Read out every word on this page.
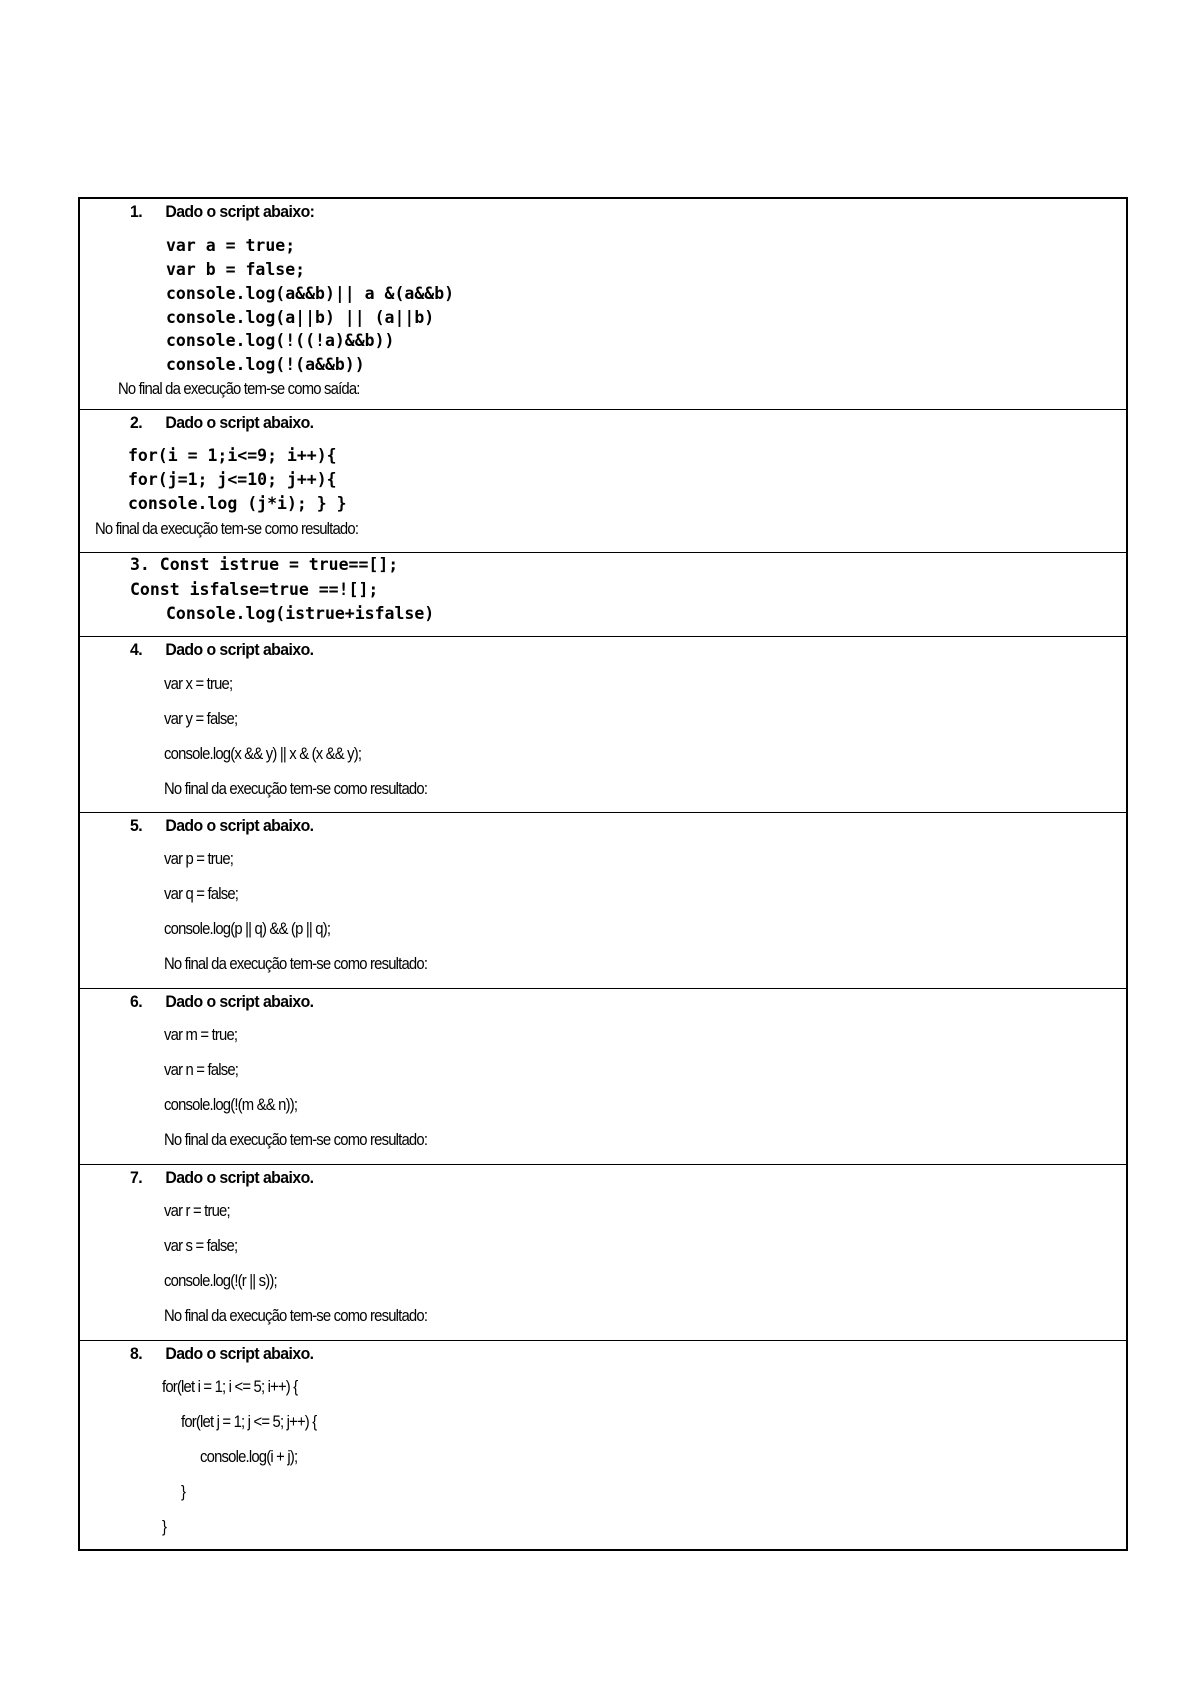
1. Dado o script abaixo:
var a = true;
var b = false;
console.log(a&&b)|| a &(a&&b)
console.log(a||b) || (a||b)
console.log(!((!a)&&b))
console.log(!(a&&b))
No final da execução tem-se como saída:
2. Dado o script abaixo.
for(i = 1;i<=9; i++){
for(j=1; j<=10; j++){
console.log (j*i); } }
No final da execução tem-se como resultado:
3. Const istrue = true==[];
Const isfalse=true ==![];
Console.log(istrue+isfalse)
4. Dado o script abaixo.
var x = true;
var y = false;
console.log(x && y) || x & (x && y);
No final da execução tem-se como resultado:
5. Dado o script abaixo.
var p = true;
var q = false;
console.log(p || q) && (p || q);
No final da execução tem-se como resultado:
6. Dado o script abaixo.
var m = true;
var n = false;
console.log(!(m && n));
No final da execução tem-se como resultado:
7. Dado o script abaixo.
var r = true;
var s = false;
console.log(!(r || s));
No final da execução tem-se como resultado:
8. Dado o script abaixo.
for(let i = 1; i <= 5; i++) {
for(let j = 1; j <= 5; j++) {
console.log(i + j);
}
}
